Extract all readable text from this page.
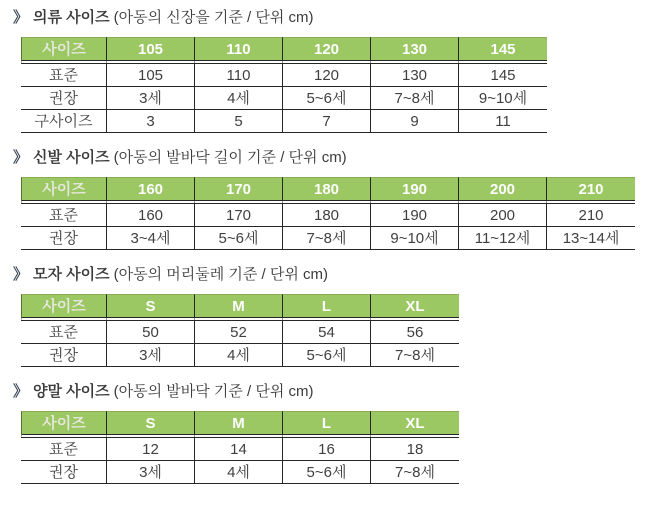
》 의류 사이즈 (아동의 신장을 기준 / 단위 cm)
사이즈	105	110	120	130	145
표준	105	110	120	130	145
권장	3세	4세	5~6세	7~8세	9~10세
구사이즈	3	5	7	9	11
》 신발 사이즈 (아동의 발바닥 길이 기준 / 단위 cm)
사이즈	160	170	180	190	200	210
표준	160	170	180	190	200	210
권장	3~4세	5~6세	7~8세	9~10세	11~12세	13~14세
》 모자 사이즈 (아동의 머리둘레 기준 / 단위 cm)
사이즈	S	M	L	XL
표준	50	52	54	56
권장	3세	4세	5~6세	7~8세
》 양말 사이즈 (아동의 발바닥 기준 / 단위 cm)
사이즈	S	M	L	XL
표준	12	14	16	18
권장	3세	4세	5~6세	7~8세
